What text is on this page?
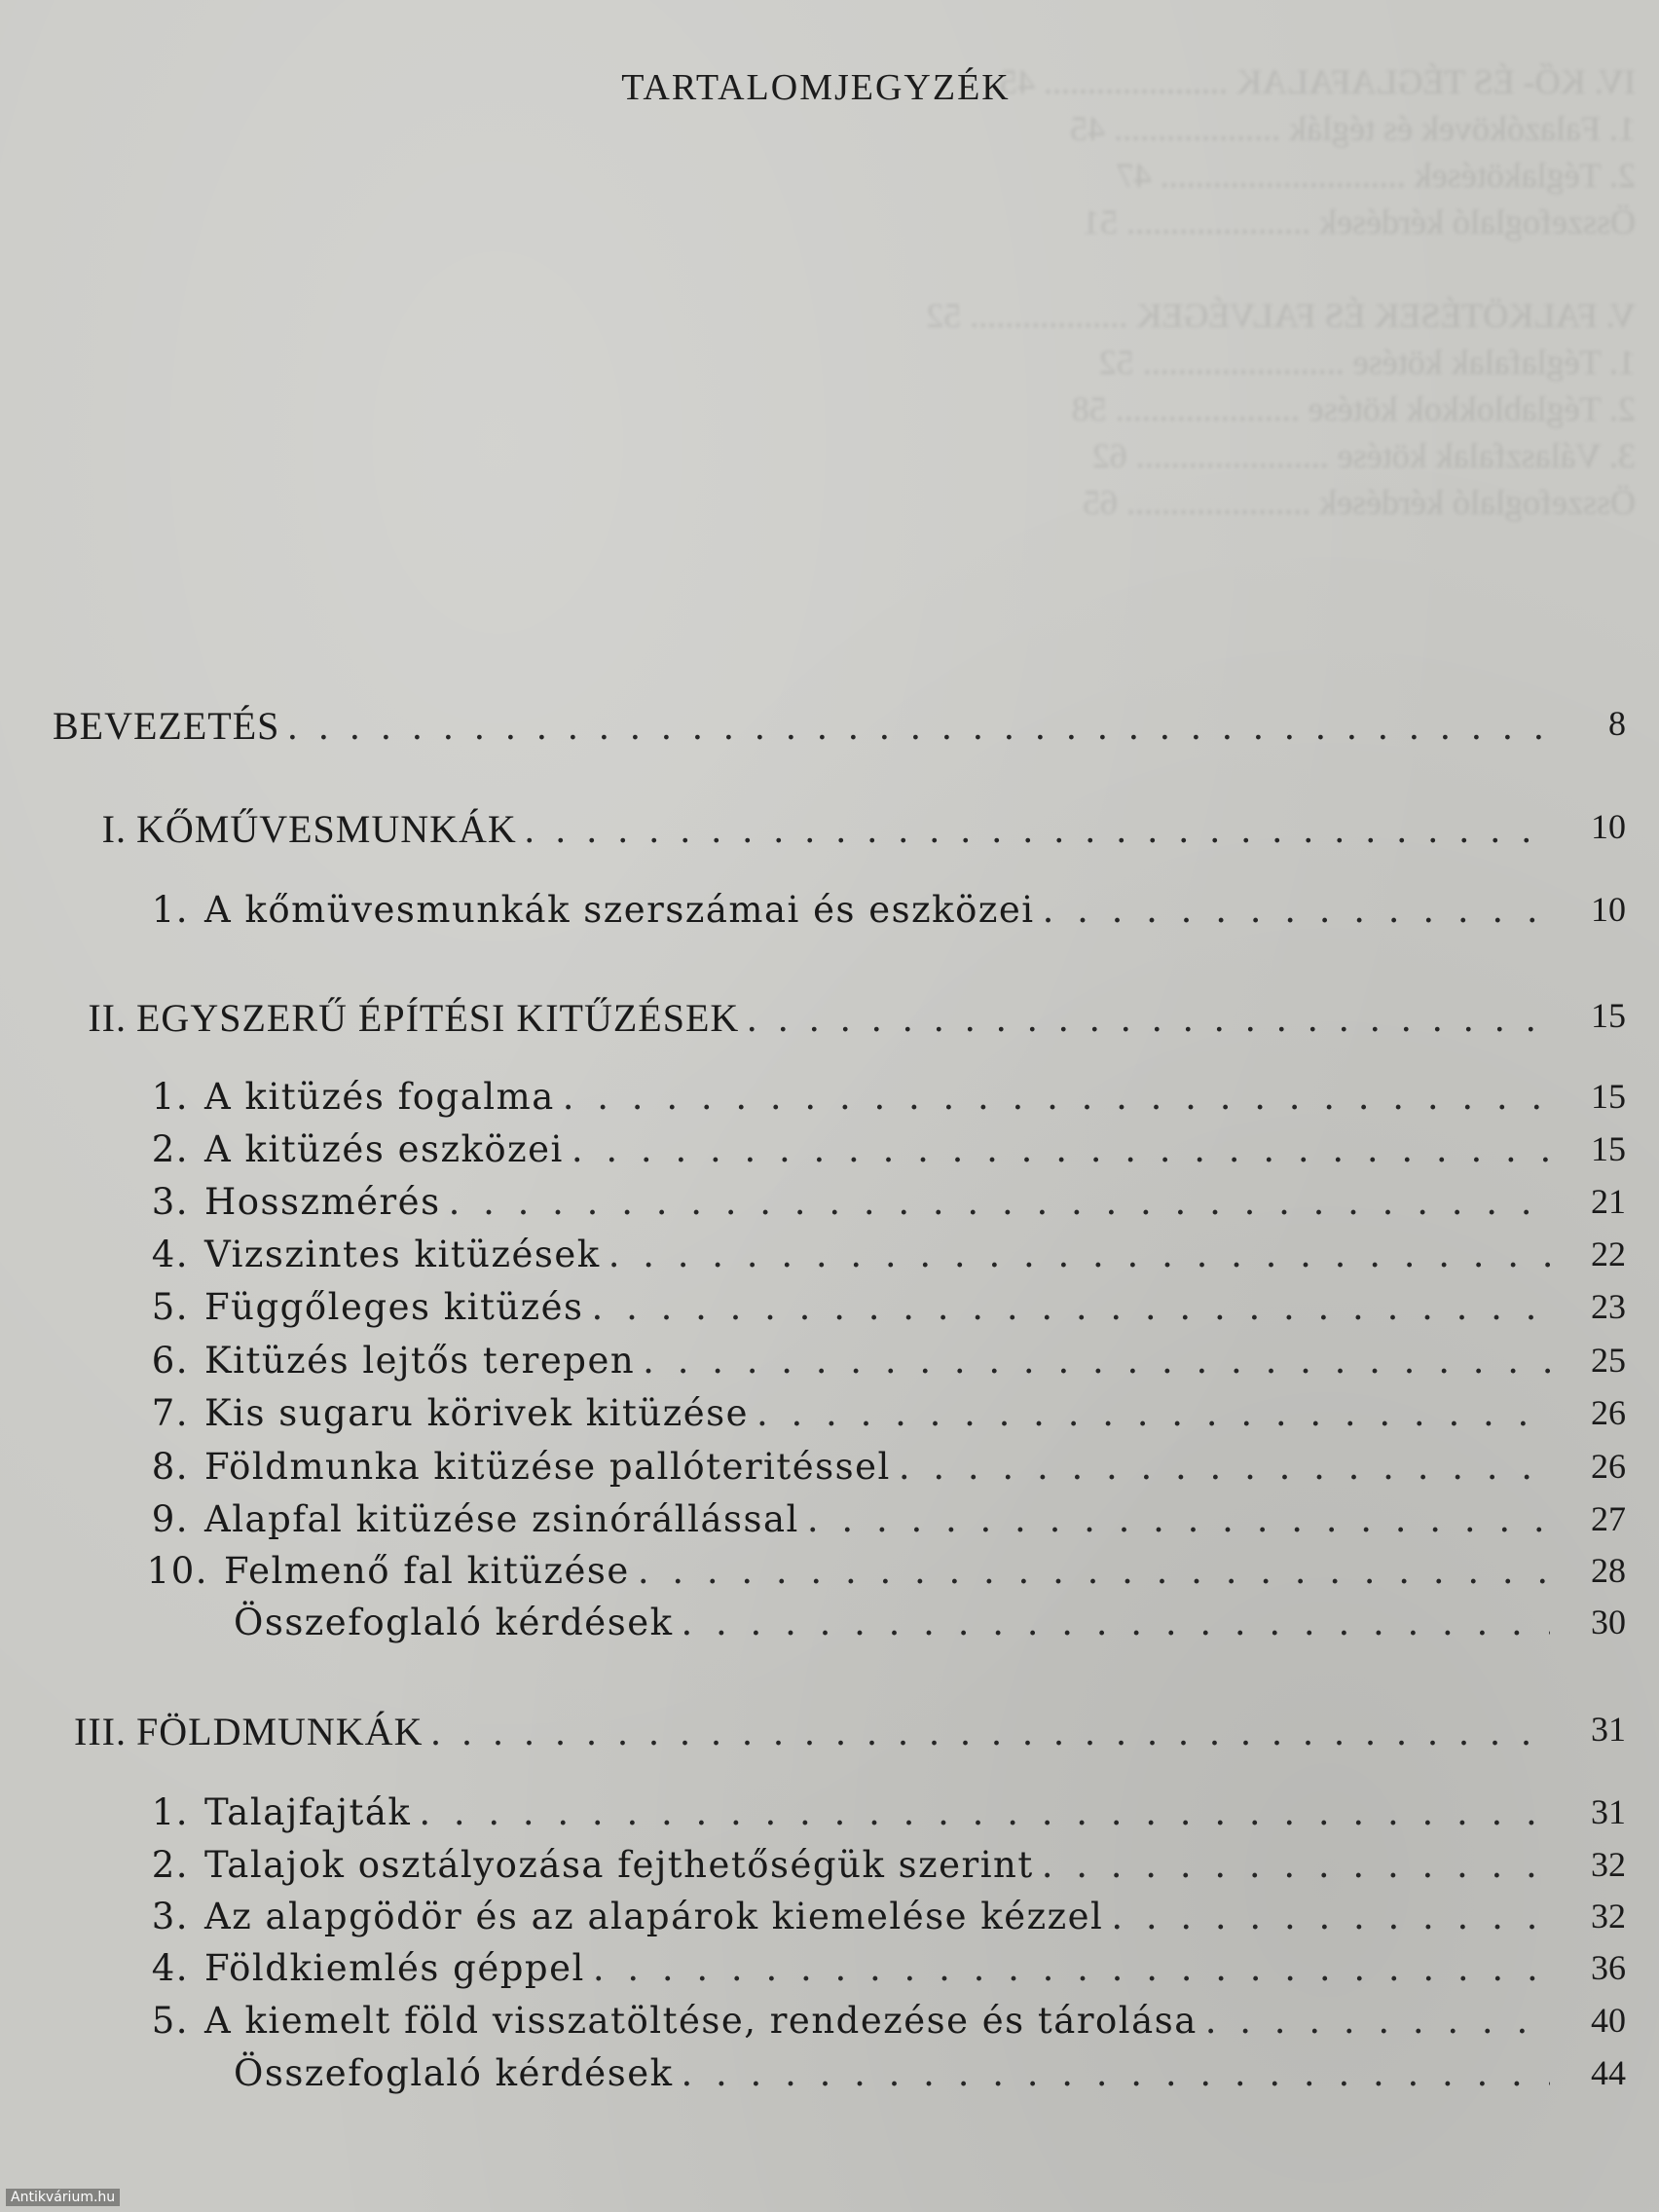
IV. KŐ- ÉS TÉGLAFALAK ..................... 45
1. Falazókövek és téglák ................... 45
2. Téglakötések ............................ 47
Összefoglaló kérdések ..................... 51

V. FALKÖTÉSEK ÉS FALVÉGEK .................. 52
1. Téglafalak kötése ....................... 52
2. Téglablokkok kötése ..................... 58
3. Válaszfalak kötése ...................... 62
Összefoglaló kérdések ..................... 65
TARTALOMJEGYZÉK
BEVEZETÉS . . .	8
I. KŐMŰVESMUNKÁK . . .	10
1. A kőmüvesmunkák szerszámai és eszközei . . .	10
II. EGYSZERŰ ÉPÍTÉSI KITŰZÉSEK . . .	15
1. A kitüzés fogalma . . .	15
2. A kitüzés eszközei . . .	15
3. Hosszmérés . . .	21
4. Vizszintes kitüzések . . .	22
5. Függőleges kitüzés . . .	23
6. Kitüzés lejtős terepen . . .	25
7. Kis sugaru körivek kitüzése . . .	26
8. Földmunka kitüzése pallóteritéssel . . .	26
9. Alapfal kitüzése zsinórállással . . .	27
10. Felmenő fal kitüzése . . .	28
Összefoglaló kérdések . . .	30
III. FÖLDMUNKÁK . . .	31
1. Talajfajták . . .	31
2. Talajok osztályozása fejthetőségük szerint . . .	32
3. Az alapgödör és az alapárok kiemelése kézzel . . .	32
4. Földkiemlés géppel . . .	36
5. A kiemelt föld visszatöltése, rendezése és tárolása . . .	40
Összefoglaló kérdések . . .	44
Antikvárium.hu
